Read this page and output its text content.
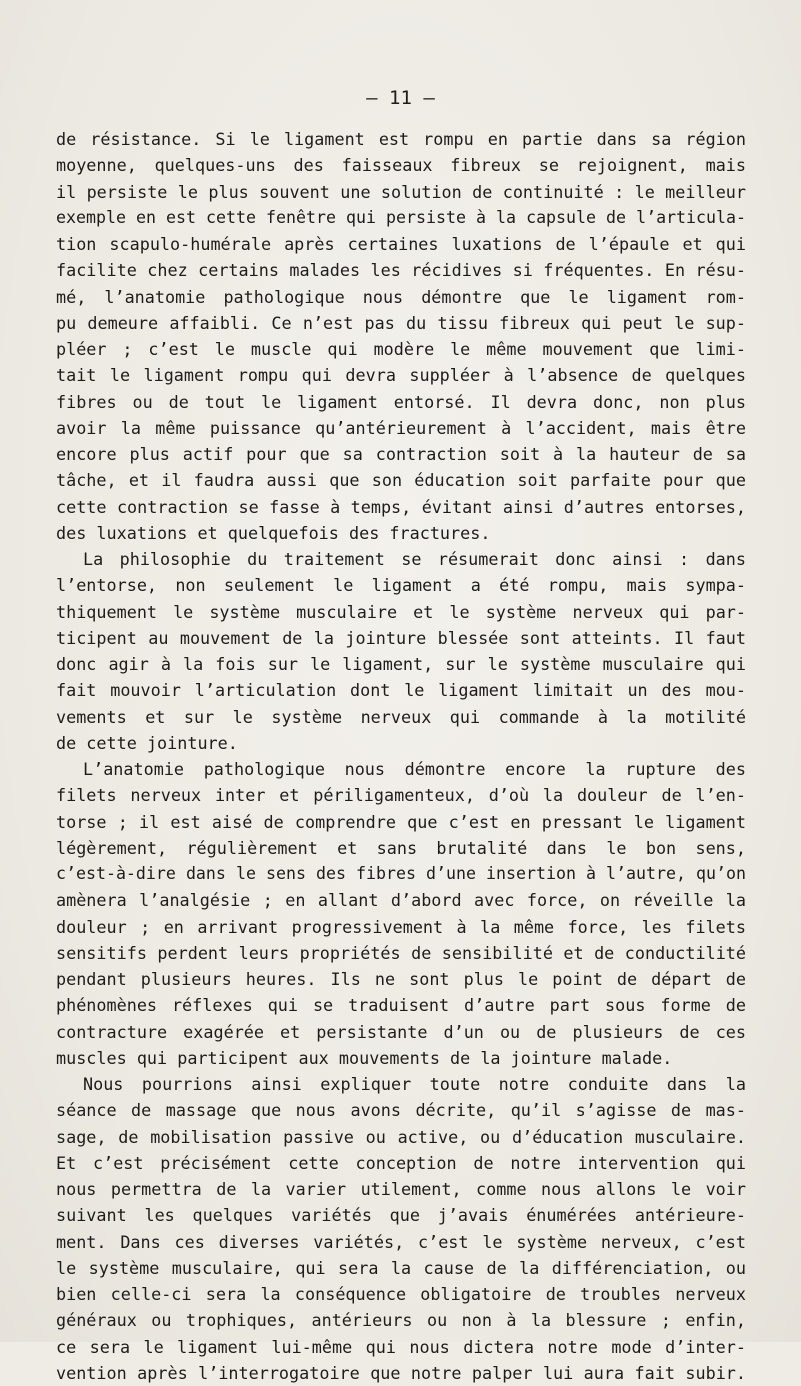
— 11 —
de résistance. Si le ligament est rompu en partie dans sa région
moyenne, quelques-uns des faisseaux fibreux se rejoignent, mais
il persiste le plus souvent une solution de continuité : le meilleur
exemple en est cette fenêtre qui persiste à la capsule de l’articula-
tion scapulo-humérale après certaines luxations de l’épaule et qui
facilite chez certains malades les récidives si fréquentes. En résu-
mé, l’anatomie pathologique nous démontre que le ligament rom-
pu demeure affaibli. Ce n’est pas du tissu fibreux qui peut le sup-
pléer ; c’est le muscle qui modère le même mouvement que limi-
tait le ligament rompu qui devra suppléer à l’absence de quelques
fibres ou de tout le ligament entorsé. Il devra donc, non plus
avoir la même puissance qu’antérieurement à l’accident, mais être
encore plus actif pour que sa contraction soit à la hauteur de sa
tâche, et il faudra aussi que son éducation soit parfaite pour que
cette contraction se fasse à temps, évitant ainsi d’autres entorses,
des luxations et quelquefois des fractures.
La philosophie du traitement se résumerait donc ainsi : dans
l’entorse, non seulement le ligament a été rompu, mais sympa-
thiquement le système musculaire et le système nerveux qui par-
ticipent au mouvement de la jointure blessée sont atteints. Il faut
donc agir à la fois sur le ligament, sur le système musculaire qui
fait mouvoir l’articulation dont le ligament limitait un des mou-
vements et sur le système nerveux qui commande à la motilité
de cette jointure.
L’anatomie pathologique nous démontre encore la rupture des
filets nerveux inter et périligamenteux, d’où la douleur de l’en-
torse ; il est aisé de comprendre que c’est en pressant le ligament
légèrement, régulièrement et sans brutalité dans le bon sens,
c’est-à-dire dans le sens des fibres d’une insertion à l’autre, qu’on
amènera l’analgésie ; en allant d’abord avec force, on réveille la
douleur ; en arrivant progressivement à la même force, les filets
sensitifs perdent leurs propriétés de sensibilité et de conductilité
pendant plusieurs heures. Ils ne sont plus le point de départ de
phénomènes réflexes qui se traduisent d’autre part sous forme de
contracture exagérée et persistante d’un ou de plusieurs de ces
muscles qui participent aux mouvements de la jointure malade.
Nous pourrions ainsi expliquer toute notre conduite dans la
séance de massage que nous avons décrite, qu’il s’agisse de mas-
sage, de mobilisation passive ou active, ou d’éducation musculaire.
Et c’est précisément cette conception de notre intervention qui
nous permettra de la varier utilement, comme nous allons le voir
suivant les quelques variétés que j’avais énumérées antérieure-
ment. Dans ces diverses variétés, c’est le système nerveux, c’est
le système musculaire, qui sera la cause de la différenciation, ou
bien celle-ci sera la conséquence obligatoire de troubles nerveux
généraux ou trophiques, antérieurs ou non à la blessure ; enfin,
ce sera le ligament lui-même qui nous dictera notre mode d’inter-
vention après l’interrogatoire que notre palper lui aura fait subir.
